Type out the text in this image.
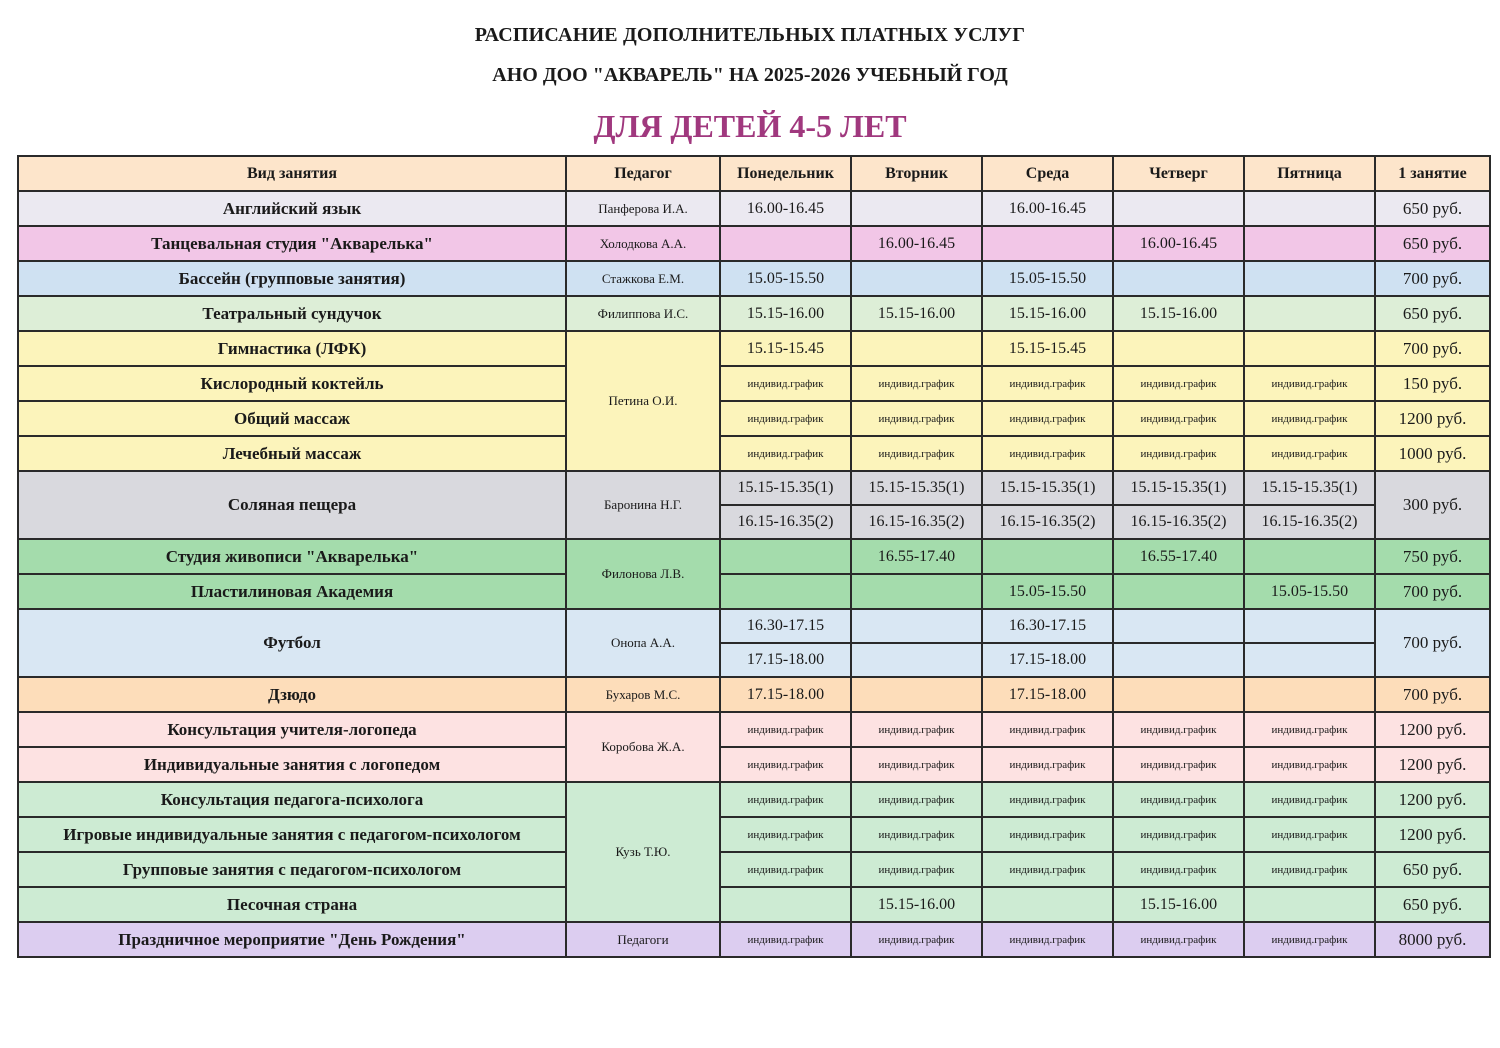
РАСПИСАНИЕ ДОПОЛНИТЕЛЬНЫХ ПЛАТНЫХ УСЛУГ
АНО ДОО "АКВАРЕЛЬ" НА 2025-2026 УЧЕБНЫЙ ГОД
ДЛЯ ДЕТЕЙ 4-5 ЛЕТ
Вид занятия	Педагог	Понедельник	Вторник	Среда	Четверг	Пятница	1 занятие
Английский язык	Панферова И.А.	16.00-16.45		16.00-16.45			650 руб.
Танцевальная студия "Акварелька"	Холодкова А.А.		16.00-16.45		16.00-16.45		650 руб.
Бассейн (групповые занятия)	Стажкова Е.М.	15.05-15.50		15.05-15.50			700 руб.
Театральный сундучок	Филиппова И.С.	15.15-16.00	15.15-16.00	15.15-16.00	15.15-16.00		650 руб.
Гимнастика (ЛФК)	Петина О.И.	15.15-15.45		15.15-15.45			700 руб.
Кислородный коктейль		индивид.график	индивид.график	индивид.график	индивид.график	индивид.график	150 руб.
Общий массаж		индивид.график	индивид.график	индивид.график	индивид.график	индивид.график	1200 руб.
Лечебный массаж		индивид.график	индивид.график	индивид.график	индивид.график	индивид.график	1000 руб.
Соляная пещера	Баронина Н.Г.	15.15-15.35(1)	15.15-15.35(1)	15.15-15.35(1)	15.15-15.35(1)	15.15-15.35(1)	300 руб.
		16.15-16.35(2)	16.15-16.35(2)	16.15-16.35(2)	16.15-16.35(2)	16.15-16.35(2)	
Студия живописи "Акварелька"	Филонова Л.В.		16.55-17.40		16.55-17.40		750 руб.
Пластилиновая Академия				15.05-15.50		15.05-15.50	700 руб.
Футбол	Онопа А.А.	16.30-17.15		16.30-17.15			700 руб.
		17.15-18.00		17.15-18.00			
Дзюдо	Бухаров М.С.	17.15-18.00		17.15-18.00			700 руб.
Консультация учителя-логопеда	Коробова Ж.А.	индивид.график	индивид.график	индивид.график	индивид.график	индивид.график	1200 руб.
Индивидуальные занятия с логопедом		индивид.график	индивид.график	индивид.график	индивид.график	индивид.график	1200 руб.
Консультация педагога-психолога	Кузь Т.Ю.	индивид.график	индивид.график	индивид.график	индивид.график	индивид.график	1200 руб.
Игровые индивидуальные занятия с педагогом-психологом		индивид.график	индивид.график	индивид.график	индивид.график	индивид.график	1200 руб.
Групповые занятия с педагогом-психологом		индивид.график	индивид.график	индивид.график	индивид.график	индивид.график	650 руб.
Песочная страна			15.15-16.00		15.15-16.00		650 руб.
Праздничное мероприятие "День Рождения"	Педагоги	индивид.график	индивид.график	индивид.график	индивид.график	индивид.график	8000 руб.
